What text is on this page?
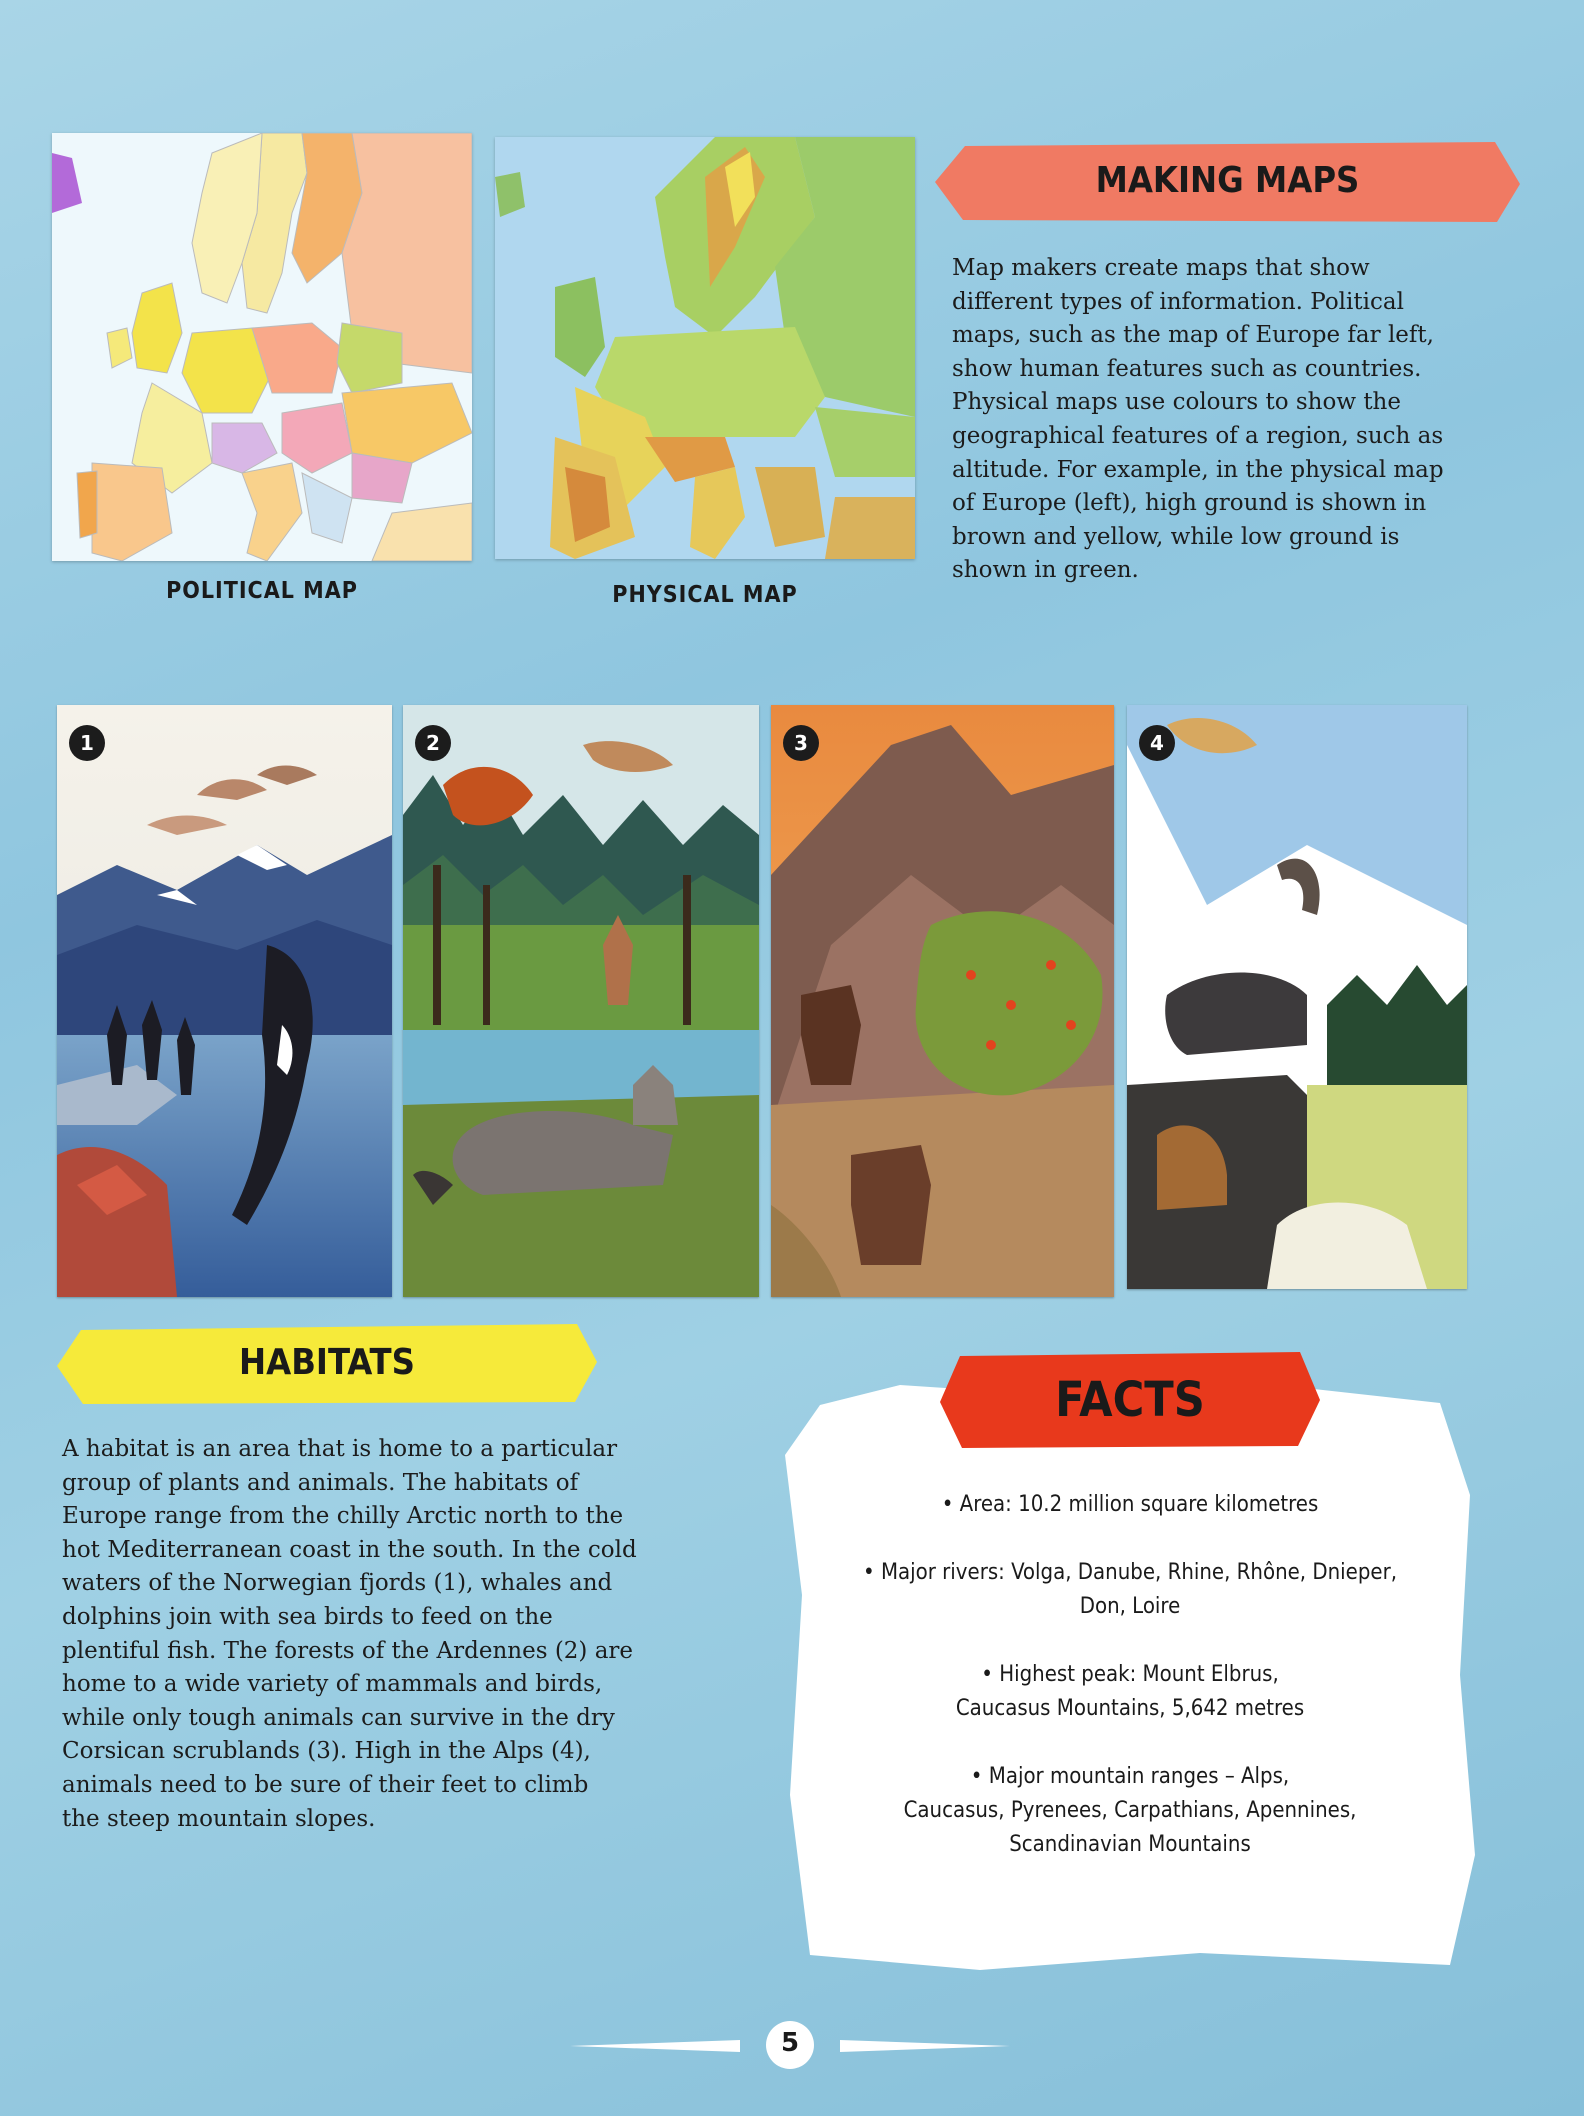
POLITICAL MAP	PHYSICAL MAP
MAKING MAPS
Map makers create maps that show
different types of information. Political
maps, such as the map of Europe far left,
show human features such as countries.
Physical maps use colours to show the
geographical features of a region, such as
altitude. For example, in the physical map
of Europe (left), high ground is shown in
brown and yellow, while low ground is
shown in green.
1	2	3	4
HABITATS
A habitat is an area that is home to a particular
group of plants and animals. The habitats of
Europe range from the chilly Arctic north to the
hot Mediterranean coast in the south. In the cold
waters of the Norwegian fjords (1), whales and
dolphins join with sea birds to feed on the
plentiful fish. The forests of the Ardennes (2) are
home to a wide variety of mammals and birds,
while only tough animals can survive in the dry
Corsican scrublands (3). High in the Alps (4),
animals need to be sure of their feet to climb
the steep mountain slopes.
FACTS
• Area: 10.2 million square kilometres
• Major rivers: Volga, Danube, Rhine, Rhône, Dnieper,
Don, Loire
• Highest peak: Mount Elbrus,
Caucasus Mountains, 5,642 metres
• Major mountain ranges – Alps,
Caucasus, Pyrenees, Carpathians, Apennines,
Scandinavian Mountains
5
